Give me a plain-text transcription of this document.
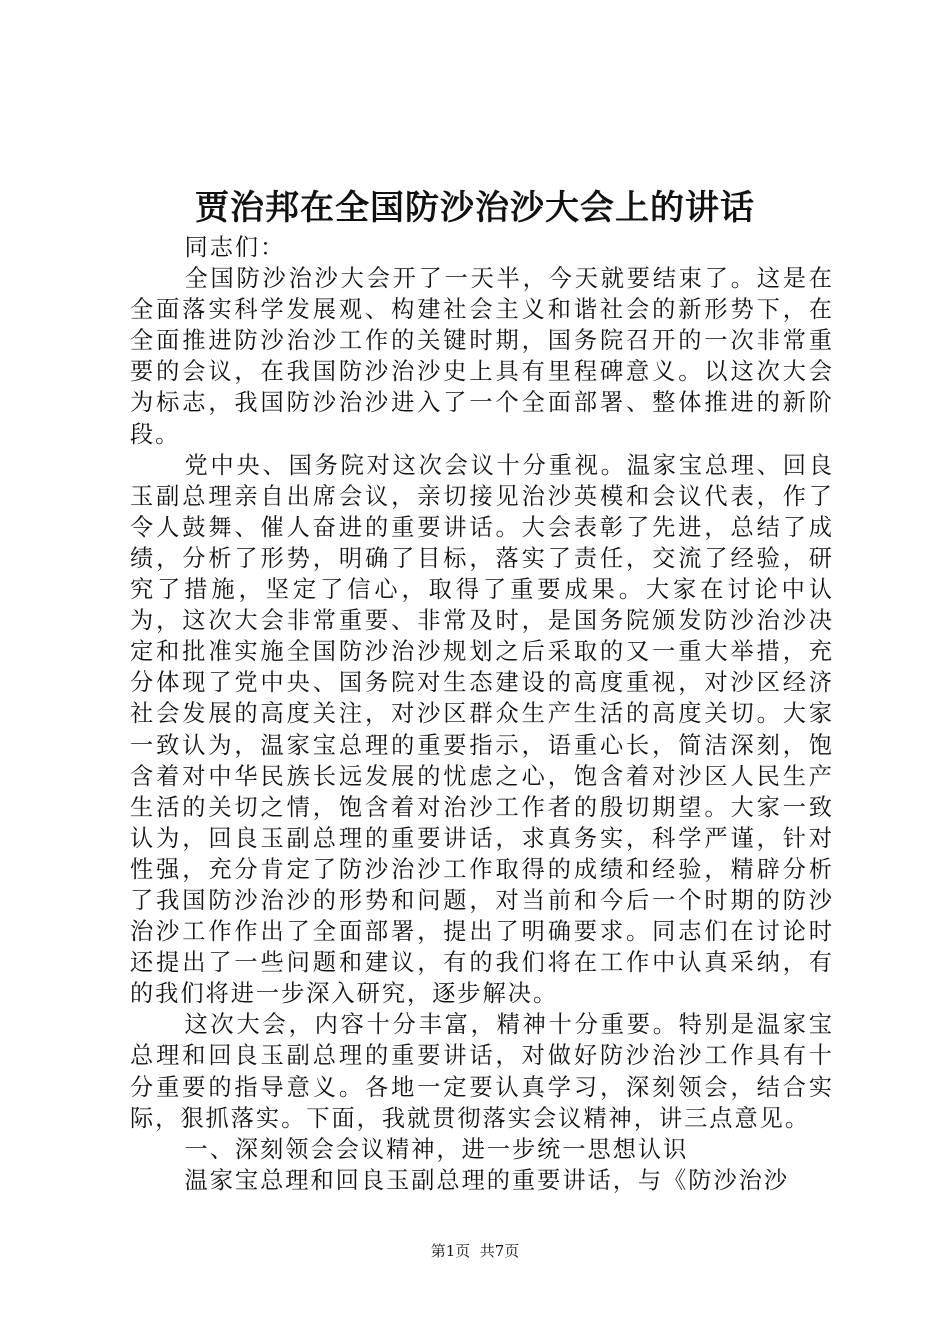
贾治邦在全国防沙治沙大会上的讲话

同志们：

全国防沙治沙大会开了一天半，今天就要结束了。这是在全面落实科学发展观、构建社会主义和谐社会的新形势下，在全面推进防沙治沙工作的关键时期，国务院召开的一次非常重要的会议，在我国防沙治沙史上具有里程碑意义。以这次大会为标志，我国防沙治沙进入了一个全面部署、整体推进的新阶段。

党中央、国务院对这次会议十分重视。温家宝总理、回良玉副总理亲自出席会议，亲切接见治沙英模和会议代表，作了令人鼓舞、催人奋进的重要讲话。大会表彰了先进，总结了成绩，分析了形势，明确了目标，落实了责任，交流了经验，研究了措施，坚定了信心，取得了重要成果。大家在讨论中认为，这次大会非常重要、非常及时，是国务院颁发防沙治沙决定和批准实施全国防沙治沙规划之后采取的又一重大举措，充分体现了党中央、国务院对生态建设的高度重视，对沙区经济社会发展的高度关注，对沙区群众生产生活的高度关切。大家一致认为，温家宝总理的重要指示，语重心长，简洁深刻，饱含着对中华民族长远发展的忧虑之心，饱含着对沙区人民生产生活的关切之情，饱含着对治沙工作者的殷切期望。大家一致认为，回良玉副总理的重要讲话，求真务实，科学严谨，针对性强，充分肯定了防沙治沙工作取得的成绩和经验，精辟分析了我国防沙治沙的形势和问题，对当前和今后一个时期的防沙治沙工作作出了全面部署，提出了明确要求。同志们在讨论时还提出了一些问题和建议，有的我们将在工作中认真采纳，有的我们将进一步深入研究，逐步解决。

这次大会，内容十分丰富，精神十分重要。特别是温家宝总理和回良玉副总理的重要讲话，对做好防沙治沙工作具有十分重要的指导意义。各地一定要认真学习，深刻领会，结合实际，狠抓落实。下面，我就贯彻落实会议精神，讲三点意见。

一、深刻领会会议精神，进一步统一思想认识

温家宝总理和回良玉副总理的重要讲话，与《防沙治沙

第1页  共7页
